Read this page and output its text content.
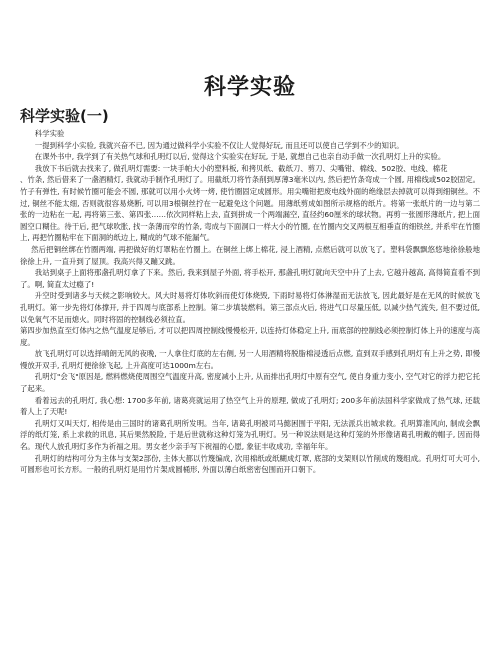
科学实验
科学实验(一)

科学实验

一提到科学小实验, 我就兴奋不已, 因为通过做科学小实验不仅让人觉得好玩, 而且还可以使自己学到不少的知识。

在课外书中, 我学到了有关热气球和孔明灯以后, 觉得这个实验实在好玩, 于是, 就想自己也亲自动手做一次孔明灯上升的实验。

我放下书后就去找来了, 做孔明灯需要: 一块手帕大小的塑料板, 和拷贝纸、截纸刀、剪刀、尖嘴钳、棉线、502胶、电线、棉花

、竹条, 然后借来了一盏酒精灯, 我就动手制作孔明灯了。用截纸刀将竹条削到厚薄3毫米以内, 然后把竹条弯成一个圆, 用棉线或502胶固定。竹子有弹性, 有时候竹圈可能会不圆, 那就可以用小火烤一烤, 使竹圈固定成圆形。用尖嘴钳把废电线外面的绝缘层去掉就可以得到细铜丝。不过, 铜丝不能太细, 否则就很容易烧断, 可以用3根铜丝拧在一起避免这个问题。用薄纸剪成如图所示规格的纸片。将第一张纸片的一边与第二张的一边粘在一起, 再将第三张、第四张……依次同样粘上去, 直到拼成一个两端漏空, 直径约60厘米的球状物。再剪一张圆形薄纸片, 把上面圆空口糊住。待干后, 把气球吹胀, 找一条薄而窄的竹条, 弯成与下面洞口一样大小的竹圈, 在竹圈内交叉两根互相垂直的细铁丝, 并系牢在竹圈上, 再把竹圈粘牢在下面洞的纸边上, 糊成的气球不能漏气。

然后把铜丝绑在竹圈两端, 再把做好的灯罩粘在竹圈上。在铜丝上绑上棉花, 浸上酒精, 点燃后就可以放飞了。塑料袋飘飘悠悠地徐徐般地徐徐上升, 一直升到了屋顶。我高兴得又蹦又跳。

我站到桌子上面将那盏孔明灯拿了下来。然后, 我来到屋子外面, 将手松开, 那盏孔明灯就向天空中升了上去, 它越升越高, 高得简直看不到了。啊, 简直太过瘾了!

升空时受到诸多与天候之影响较大。风大时易将灯体吹斜而使灯体烧毁, 下雨时易将灯体淋湿而无法放飞, 因此最好是在无风的时候放飞孔明灯。第一步先将灯体撑开, 并于四周与底部系上控制。第二步填装燃料。第三部点火后, 将进气口尽量压低, 以减少热气流失, 但不要过低, 以免氧气不足而熄火。同时将固的控制线必须拉直。

第四步加热直至灯体内之热气温度足够后, 才可以把四周控制线慢慢松开, 以连持灯体稳定上升, 而底部的控制线必须控制灯体上升的速度与高度。

放飞孔明灯可以选择晴朗无风的夜晚, 一人拿住灯底的左右侧, 另一人用酒精将脱脂棉浸透后点燃, 直到双手感到孔明灯有上升之势, 即慢慢放开双手, 孔明灯便徐徐飞起, 上升高度可达1000m左右。

孔明灯"会飞"原因是, 燃料燃烧使周围空气温度升高, 密度减小上升, 从而排出孔明灯中原有空气, 使自身重力变小, 空气对它的浮力把它托了起来。

看着远去的孔明灯, 我心想: 1700多年前, 诸葛亮就运用了热空气上升的原理, 做成了孔明灯; 200多年前法国科学家做成了热气球, 还载着人上了天呢!

孔明灯又叫天灯, 相传是由三国时的诸葛孔明所发明。当年, 诸葛孔明被司马懿困围于平阳, 无法派兵出城求救。孔明算准风向, 制成会飘浮的纸灯笼, 系上求救的讯息, 其后果然脱险, 于是后世就称这种灯笼为孔明灯。另一种说法则是这种灯笼的外形像诸葛孔明戴的帽子, 因而得名。现代人放孔明灯多作为祈福之用。男女老少亲手写下祝福的心愿, 象征丰收成功, 幸福年年。

孔明灯的结构可分为主体与支架2部份, 主体大都以竹篾编成, 次用棉纸或纸糊成灯罩, 底部的支架则以竹削成的篾组成。孔明灯可大可小, 可圆形也可长方形。一般的孔明灯是用竹片架成圆桶形, 外面以薄白纸密密包围而开口朝下。
